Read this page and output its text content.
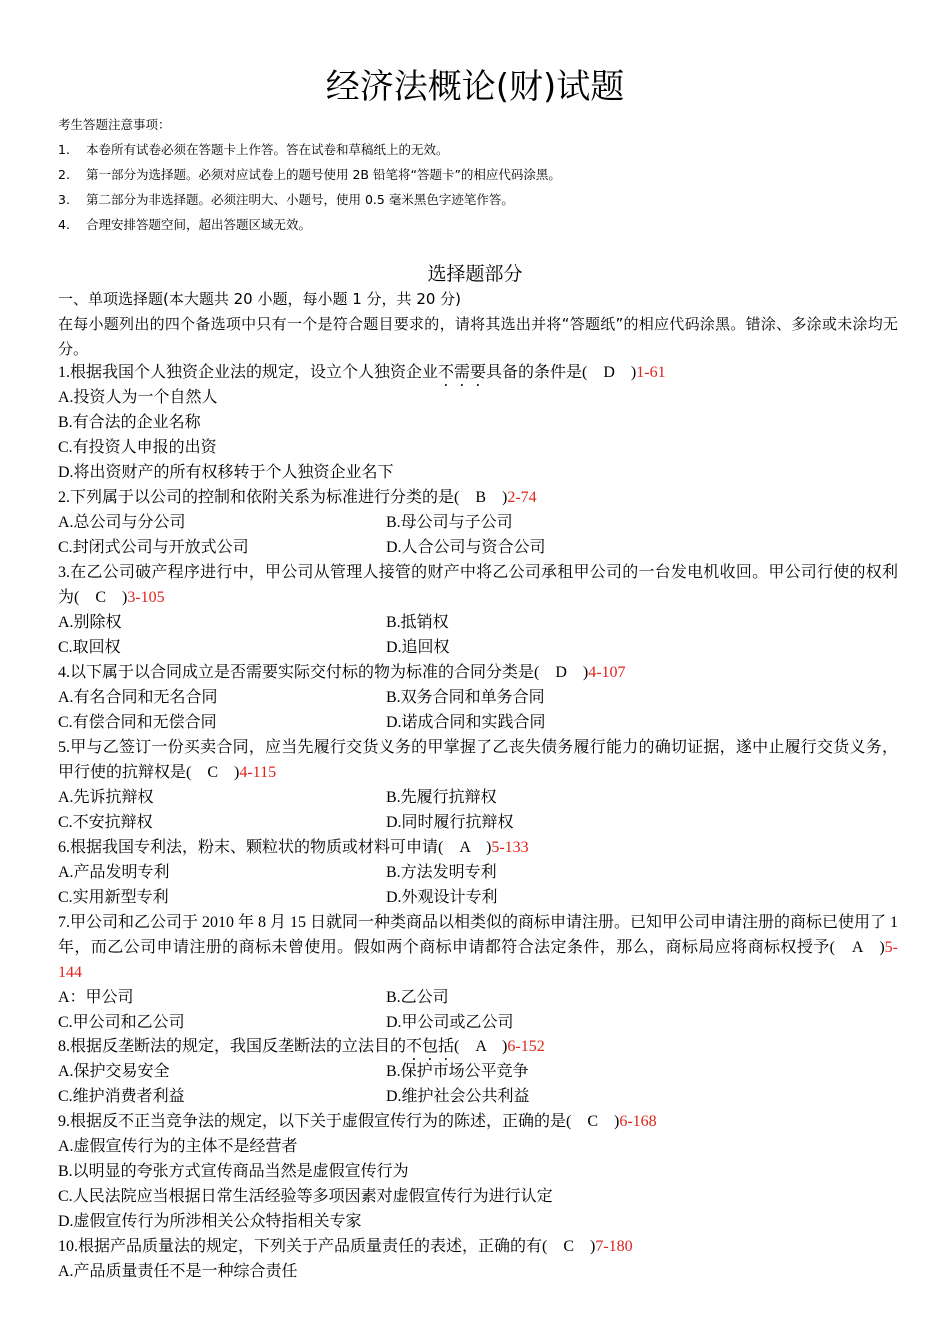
经济法概论(财)试题
考生答题注意事项：
1. 本卷所有试卷必须在答题卡上作答。答在试卷和草稿纸上的无效。
2. 第一部分为选择题。必须对应试卷上的题号使用 2B 铅笔将“答题卡”的相应代码涂黑。
3. 第二部分为非选择题。必须注明大、小题号，使用 0.5 毫米黑色字迹笔作答。
4. 合理安排答题空间，超出答题区域无效。
选择题部分
一、单项选择题(本大题共 20 小题，每小题 1 分，共 20 分)
在每小题列出的四个备选项中只有一个是符合题目要求的，请将其选出并将“答题纸”的相应代码涂黑。错涂、多涂或未涂均无分。
1.根据我国个人独资企业法的规定，设立个人独资企业不需要具备的条件是(　D　)1-61
A.投资人为一个自然人
B.有合法的企业名称
C.有投资人申报的出资
D.将出资财产的所有权移转于个人独资企业名下
2.下列属于以公司的控制和依附关系为标准进行分类的是(　B　)2-74
A.总公司与分公司	B.母公司与子公司
C.封闭式公司与开放式公司	D.人合公司与资合公司
3.在乙公司破产程序进行中，甲公司从管理人接管的财产中将乙公司承租甲公司的一台发电机收回。甲公司行使的权利为(　C　)3-105
A.别除权	B.抵销权
C.取回权	D.追回权
4.以下属于以合同成立是否需要实际交付标的物为标准的合同分类是(　D　)4-107
A.有名合同和无名合同	B.双务合同和单务合同
C.有偿合同和无偿合同	D.诺成合同和实践合同
5.甲与乙签订一份买卖合同，应当先履行交货义务的甲掌握了乙丧失债务履行能力的确切证据，遂中止履行交货义务，甲行使的抗辩权是(　C　)4-115
A.先诉抗辩权	B.先履行抗辩权
C.不安抗辩权	D.同时履行抗辩权
6.根据我国专利法，粉末、颗粒状的物质或材料可申请(　A　)5-133
A.产品发明专利	B.方法发明专利
C.实用新型专利	D.外观设计专利
7.甲公司和乙公司于 2010 年 8 月 15 日就同一种类商品以相类似的商标申请注册。已知甲公司申请注册的商标已使用了 1 年，而乙公司申请注册的商标未曾使用。假如两个商标申请都符合法定条件，那么，商标局应将商标权授予(　A　)5-144
A：甲公司	B.乙公司
C.甲公司和乙公司	D.甲公司或乙公司
8.根据反垄断法的规定，我国反垄断法的立法目的不包括(　A　)6-152
A.保护交易安全	B.保护市场公平竞争
C.维护消费者利益	D.维护社会公共利益
9.根据反不正当竞争法的规定，以下关于虚假宣传行为的陈述，正确的是(　C　)6-168
A.虚假宣传行为的主体不是经营者
B.以明显的夸张方式宣传商品当然是虚假宣传行为
C.人民法院应当根据日常生活经验等多项因素对虚假宣传行为进行认定
D.虚假宣传行为所涉相关公众特指相关专家
10.根据产品质量法的规定，下列关于产品质量责任的表述，正确的有(　C　)7-180
A.产品质量责任不是一种综合责任
